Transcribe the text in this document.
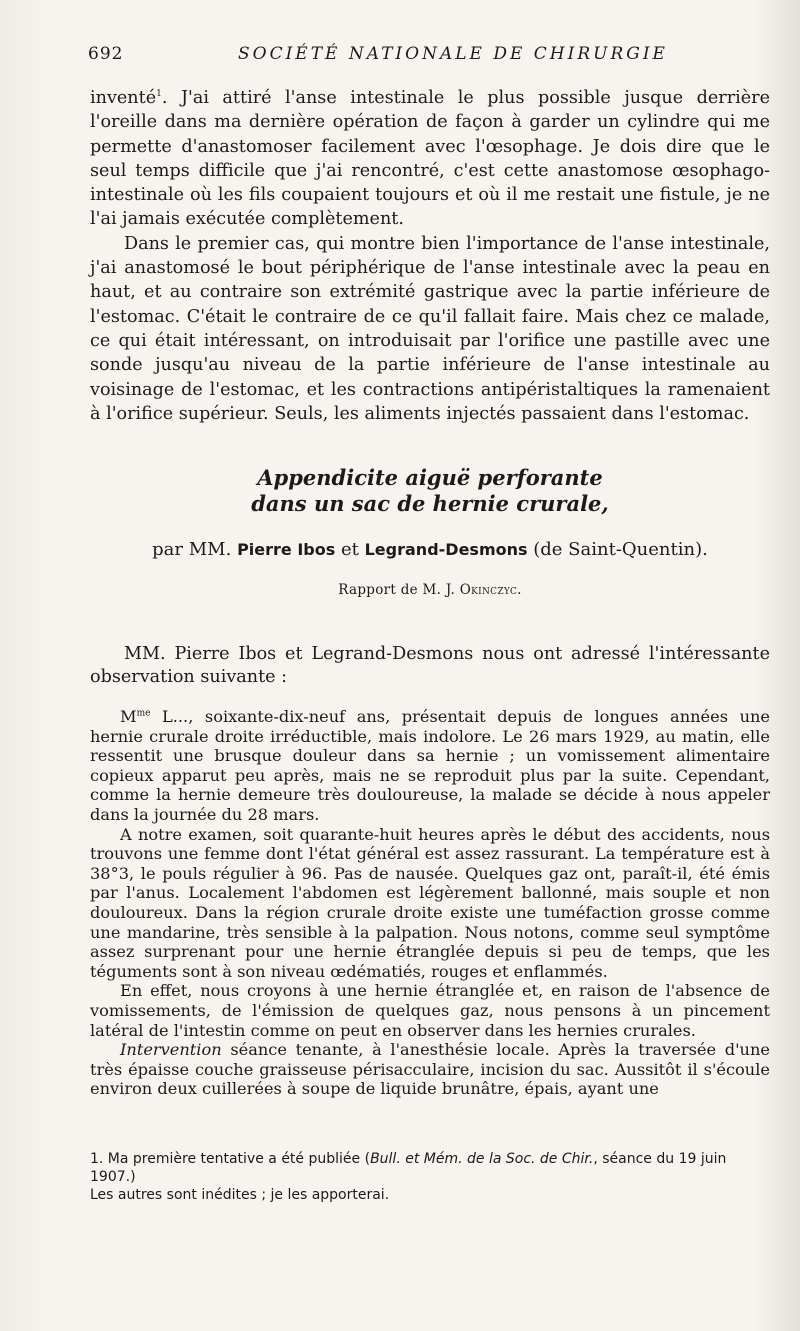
692	SOCIÉTÉ NATIONALE DE CHIRURGIE

inventé$^1$. J'ai attiré l'anse intestinale le plus possible jusque derrière l'oreille dans ma dernière opération de façon à garder un cylindre qui me permette d'anastomoser facilement avec l'œsophage. Je dois dire que le seul temps difficile que j'ai rencontré, c'est cette anastomose œsophago-intestinale où les fils coupaient toujours et où il me restait une fistule, je ne l'ai jamais exécutée complètement.

Dans le premier cas, qui montre bien l'importance de l'anse intestinale, j'ai anastomosé le bout périphérique de l'anse intestinale avec la peau en haut, et au contraire son extrémité gastrique avec la partie inférieure de l'estomac. C'était le contraire de ce qu'il fallait faire. Mais chez ce malade, ce qui était intéressant, on introduisait par l'orifice une pastille avec une sonde jusqu'au niveau de la partie inférieure de l'anse intestinale au voisinage de l'estomac, et les contractions antipéristaltiques la ramenaient à l'orifice supérieur. Seuls, les aliments injectés passaient dans l'estomac.

Appendicite aiguë perforante

dans un sac de hernie crurale,

par MM. Pierre Ibos et Legrand-Desmons (de Saint-Quentin).
Rapport de M. J. Okinczyc.

MM. Pierre Ibos et Legrand-Desmons nous ont adressé l'intéressante observation suivante :

$M^{me}$ L..., soixante-dix-neuf ans, présentait depuis de longues années une hernie crurale droite irréductible, mais indolore. Le 26 mars 1929, au matin, elle ressentit une brusque douleur dans sa hernie ; un vomissement alimentaire copieux apparut peu après, mais ne se reproduit plus par la suite. Cependant, comme la hernie demeure très douloureuse, la malade se décide à nous appeler dans la journée du 28 mars.

A notre examen, soit quarante-huit heures après le début des accidents, nous trouvons une femme dont l'état général est assez rassurant. La température est à 38°3, le pouls régulier à 96. Pas de nausée. Quelques gaz ont, paraît-il, été émis par l'anus. Localement l'abdomen est légèrement ballonné, mais souple et non douloureux. Dans la région crurale droite existe une tuméfaction grosse comme une mandarine, très sensible à la palpation. Nous notons, comme seul symptôme assez surprenant pour une hernie étranglée depuis si peu de temps, que les téguments sont à son niveau œdématiés, rouges et enflammés.

En effet, nous croyons à une hernie étranglée et, en raison de l'absence de vomissements, de l'émission de quelques gaz, nous pensons à un pincement latéral de l'intestin comme on peut en observer dans les hernies crurales.

Intervention séance tenante, à l'anesthésie locale. Après la traversée d'une très épaisse couche graisseuse périsacculaire, incision du sac. Aussitôt il s'écoule environ deux cuillerées à soupe de liquide brunâtre, épais, ayant une

1. Ma première tentative a été publiée (Bull. et Mém. de la Soc. de Chir., séance du 19 juin 1907.)

Les autres sont inédites ; je les apporterai.
